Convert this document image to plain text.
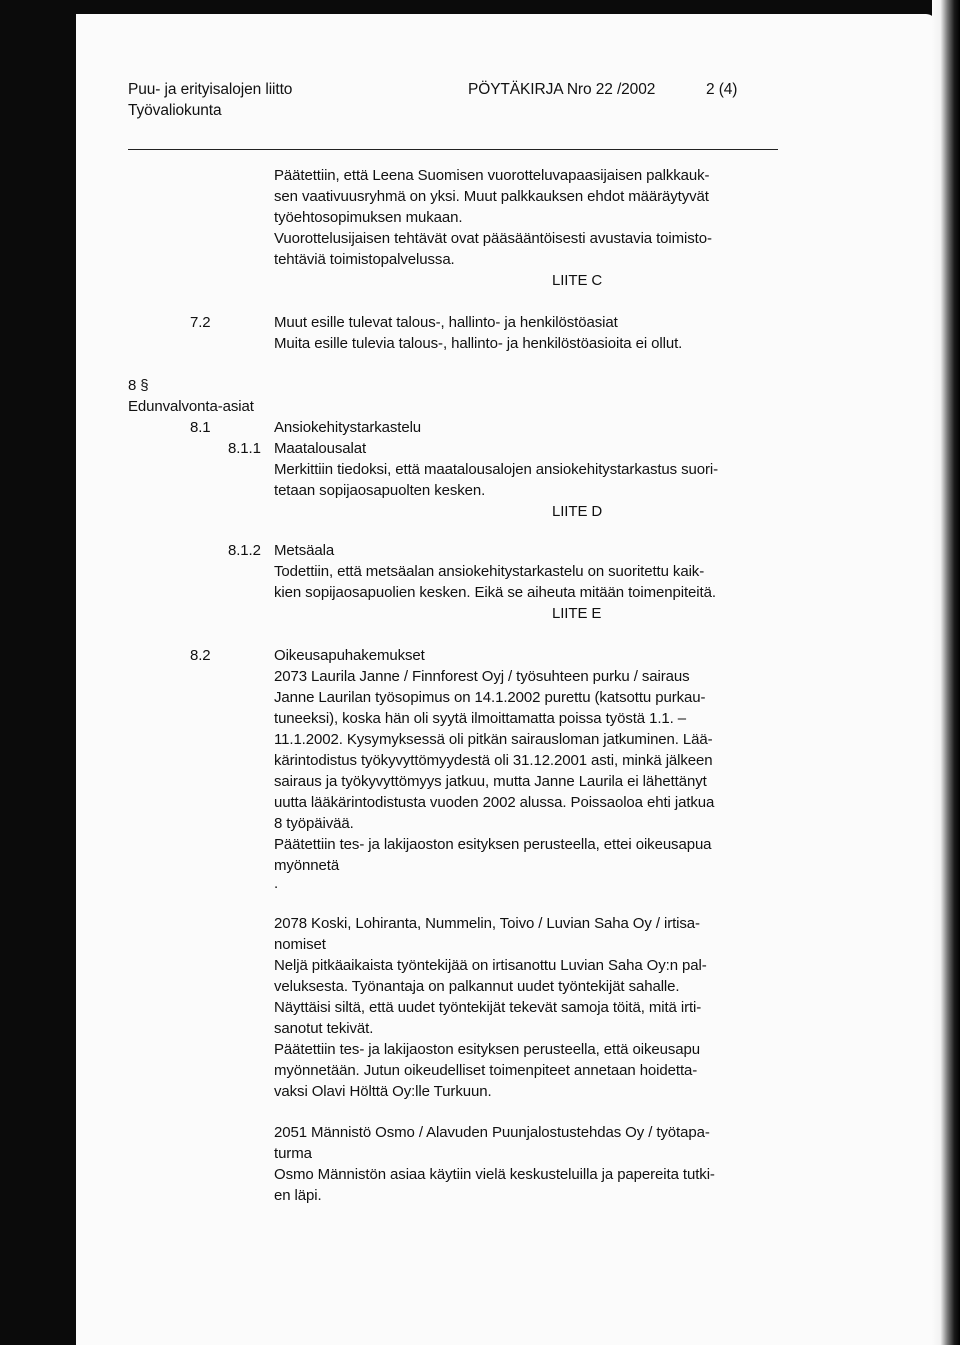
Puu- ja erityisalojen liitto
Työvaliokunta
PÖYTÄKIRJA Nro 22 /2002	2 (4)
Päätettiin, että Leena Suomisen vuorotteluvapaasijaisen palkkauk-
sen vaativuusryhmä on yksi. Muut palkkauksen ehdot määräytyvät
työehtosopimuksen mukaan.
Vuorottelusijaisen tehtävät ovat pääsääntöisesti avustavia toimisto-
tehtäviä toimistopalvelussa.
LIITE C
7.2	Muut esille tulevat talous-, hallinto- ja henkilöstöasiat
Muita esille tulevia talous-, hallinto- ja henkilöstöasioita ei ollut.
8 §
Edunvalvonta-asiat
8.1	Ansiokehitystarkastelu
8.1.1 Maatalousalat
Merkittiin tiedoksi, että maatalousalojen ansiokehitystarkastus suori-
tetaan sopijaosapuolten kesken.
LIITE D
8.1.2 Metsäala
Todettiin, että metsäalan ansiokehitystarkastelu on suoritettu kaik-
kien sopijaosapuolien kesken. Eikä se aiheuta mitään toimenpiteitä.
LIITE E
8.2	Oikeusapuhakemukset
2073 Laurila Janne / Finnforest Oyj / työsuhteen purku / sairaus
Janne Laurilan työsopimus on 14.1.2002 purettu (katsottu purkau-
tuneeksi), koska hän oli syytä ilmoittamatta poissa työstä 1.1. –
11.1.2002. Kysymyksessä oli pitkän sairausloman jatkuminen. Lää-
kärintodistus työkyvyttömyydestä oli 31.12.2001 asti, minkä jälkeen
sairaus ja työkyvyttömyys jatkuu, mutta Janne Laurila ei lähettänyt
uutta lääkärintodistusta vuoden 2002 alussa. Poissaoloa ehti jatkua
8 työpäivää.
Päätettiin tes- ja lakijaoston esityksen perusteella, ettei oikeusapua
myönnetä
.
2078 Koski, Lohiranta, Nummelin, Toivo / Luvian Saha Oy / irtisa-
nomiset
Neljä pitkäaikaista työntekijää on irtisanottu Luvian Saha Oy:n pal-
veluksesta. Työnantaja on palkannut uudet työntekijät sahalle.
Näyttäisi siltä, että uudet työntekijät tekevät samoja töitä, mitä irti-
sanotut tekivät.
Päätettiin tes- ja lakijaoston esityksen perusteella, että oikeusapu
myönnetään. Jutun oikeudelliset toimenpiteet annetaan hoidetta-
vaksi Olavi Hölttä Oy:lle Turkuun.
2051 Männistö Osmo / Alavuden Puunjalostustehdas Oy / työtapa-
turma
Osmo Männistön asiaa käytiin vielä keskusteluilla ja papereita tutki-
en läpi.
